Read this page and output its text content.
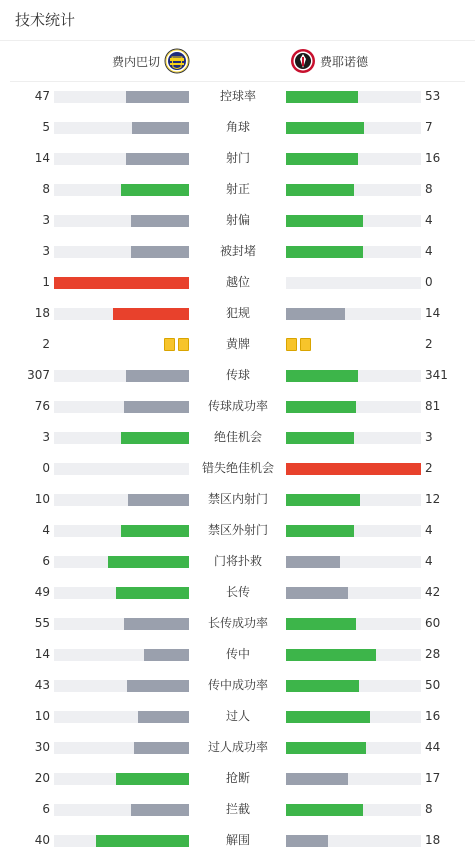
技术统计
费内巴切	费耶诺德
47	控球率	53
5	角球	7
14	射门	16
8	射正	8
3	射偏	4
3	被封堵	4
1	越位	0
18	犯规	14
2	黄牌	2
307	传球	341
76	传球成功率	81
3	绝佳机会	3
0	错失绝佳机会	2
10	禁区内射门	12
4	禁区外射门	4
6	门将扑救	4
49	长传	42
55	长传成功率	60
14	传中	28
43	传中成功率	50
10	过人	16
30	过人成功率	44
20	抢断	17
6	拦截	8
40	解围	18
